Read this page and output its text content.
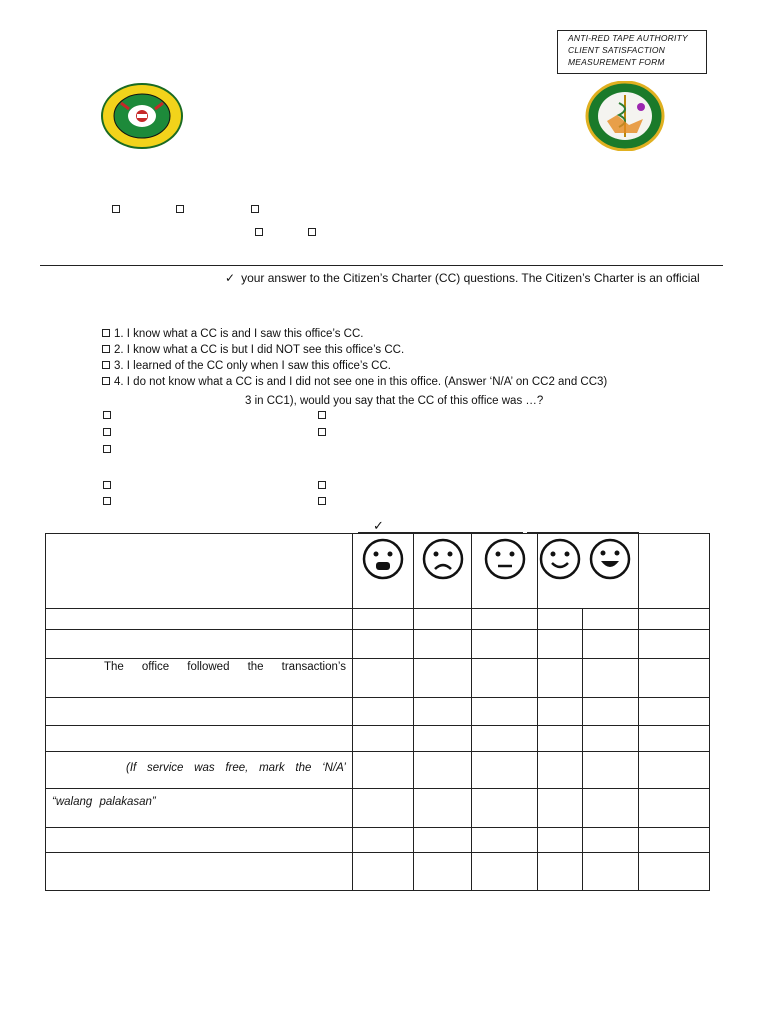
ANTI-RED TAPE AUTHORITY
CLIENT SATISFACTION
MEASUREMENT FORM

✓ your answer to the Citizen’s Charter (CC) questions. The Citizen’s Charter is an official
1. I know what a CC is and I saw this office’s CC.
2. I know what a CC is but I did NOT see this office’s CC.
3. I learned of the CC only when I saw this office’s CC.
4. I do not know what a CC is and I did not see one in this office. (Answer ‘N/A’ on CC2 and CC3)
3 in CC1), would you say that the CC of this office was …?
✓

The office followed the transaction’s						

(If service was free, mark the ‘N/A’						

“walang palakasan”						
